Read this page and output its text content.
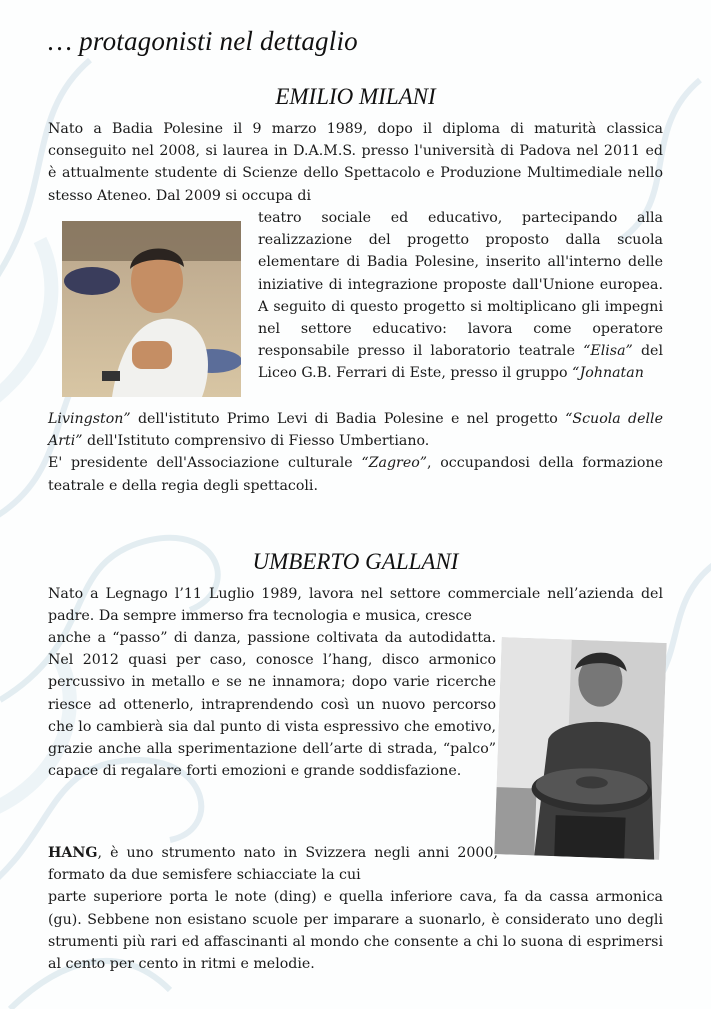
… protagonisti nel dettaglio
EMILIO MILANI
Nato a Badia Polesine il 9 marzo 1989, dopo il diploma di maturità classica conseguito nel 2008, si laurea in D.A.M.S. presso l'università di Padova nel 2011 ed è attualmente studente di Scienze dello Spettacolo e Produzione Multimediale nello stesso Ateneo. Dal 2009 si occupa di
teatro sociale ed educativo, partecipando alla realizzazione del progetto proposto dalla scuola elementare di Badia Polesine, inserito all'interno delle iniziative di integrazione proposte dall'Unione europea. A seguito di questo progetto si moltiplicano gli impegni nel settore educativo: lavora come operatore responsabile presso il laboratorio teatrale “Elisa” del Liceo G.B. Ferrari di Este, presso il gruppo “Johnatan
Livingston” dell'istituto Primo Levi di Badia Polesine e nel progetto “Scuola delle Arti” dell'Istituto comprensivo di Fiesso Umbertiano.
E' presidente dell'Associazione culturale “Zagreo”, occupandosi della formazione teatrale e della regia degli spettacoli.
UMBERTO GALLANI
Nato a Legnago l’11 Luglio 1989, lavora nel settore commerciale nell’azienda del padre. Da sempre immerso fra tecnologia e musica, cresce
anche a “passo” di danza, passione coltivata da autodidatta. Nel 2012 quasi per caso, conosce l’hang, disco armonico percussivo in metallo e se ne innamora; dopo varie ricerche riesce ad ottenerlo, intraprendendo così un nuovo percorso che lo cambierà sia dal punto di vista espressivo che emotivo, grazie anche alla sperimentazione dell’arte di strada, “palco” capace di regalare forti emozioni e grande soddisfazione.
HANG, è uno strumento nato in Svizzera negli anni 2000, formato da due semisfere schiacciate la cui
parte superiore porta le note (ding) e quella inferiore cava, fa da cassa armonica (gu). Sebbene non esistano scuole per imparare a suonarlo, è considerato uno degli strumenti più rari ed affascinanti al mondo che consente a chi lo suona di esprimersi al cento per cento in ritmi e melodie.
